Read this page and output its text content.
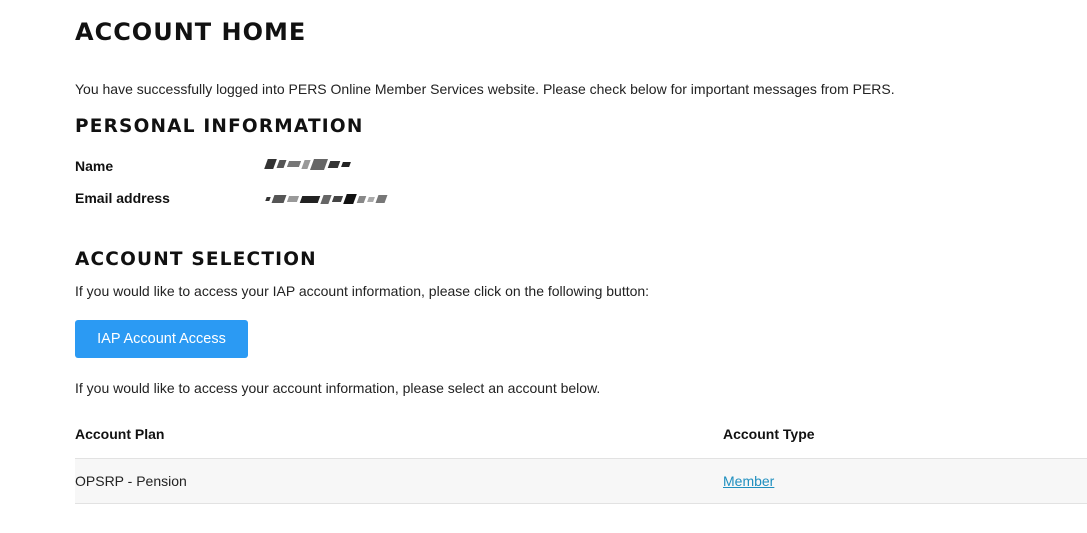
ACCOUNT HOME
You have successfully logged into PERS Online Member Services website. Please check below for important messages from PERS.
PERSONAL INFORMATION
Name
Email address
ACCOUNT SELECTION
If you would like to access your IAP account information, please click on the following button:
IAP Account Access
If you would like to access your account information, please select an account below.
Account Plan	Account Type
OPSRP - Pension	Member
